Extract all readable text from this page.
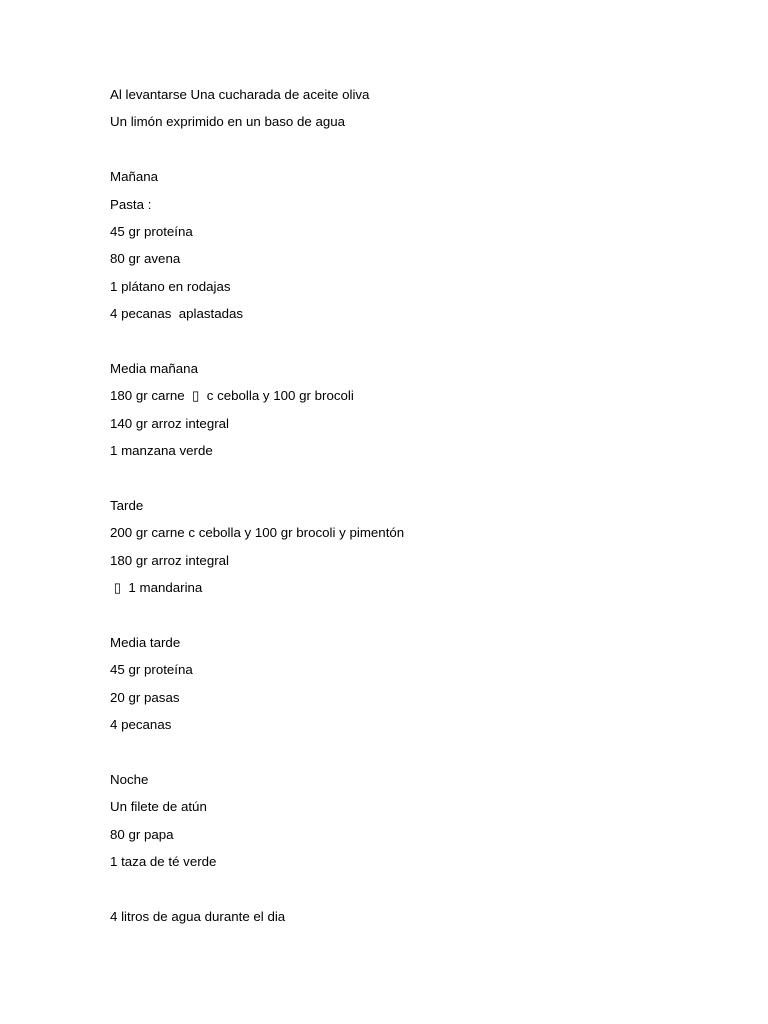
Al levantarse Una cucharada de aceite oliva

Un limón exprimido en un baso de agua

Mañana

Pasta :

45 gr proteína

80 gr avena

1 plátano en rodajas

4 pecanas  aplastadas

Media mañana

180 gr carne  ▯  c cebolla y 100 gr brocoli

140 gr arroz integral

1 manzana verde

Tarde

200 gr carne c cebolla y 100 gr brocoli y pimentón

180 gr arroz integral

▯  1 mandarina

Media tarde

45 gr proteína

20 gr pasas

4 pecanas

Noche

Un filete de atún

80 gr papa

1 taza de té verde

4 litros de agua durante el dia
